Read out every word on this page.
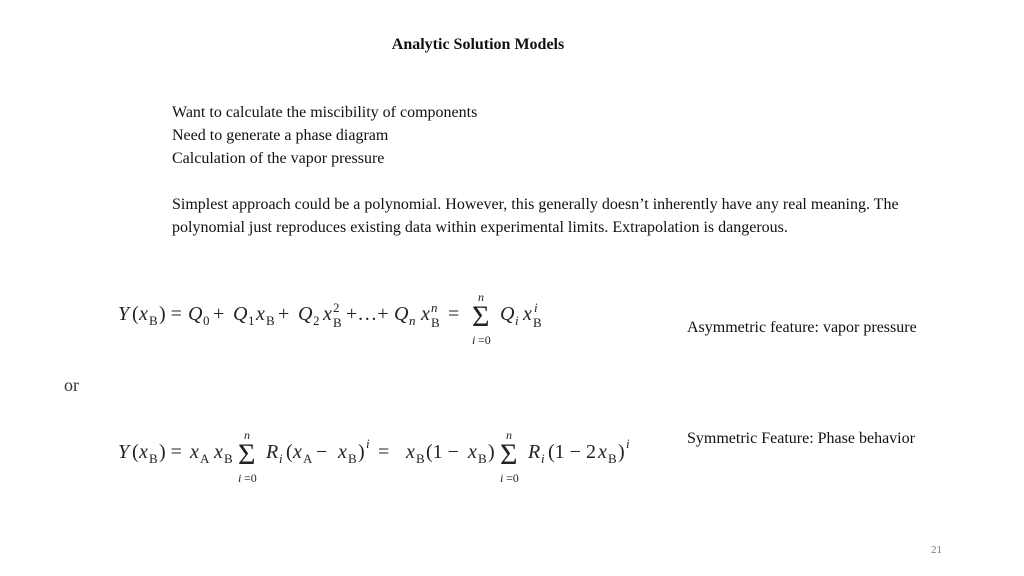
Analytic Solution Models
Want to calculate the miscibility of components
Need to generate a phase diagram
Calculation of the vapor pressure
Simplest approach could be a polynomial. However, this generally doesn’t inherently have any real meaning. The polynomial just reproduces existing data within experimental limits. Extrapolation is dangerous.
Y ( x B ) = Q 0 + Q 1 x B + Q 2 x 2
B +…+ Q n x n
B =
n
Σ
i =0
Q i x i
B	Asymmetric feature: vapor pressure
or
Y ( x B ) = x A x B
n
Σ
i =0
R i ( x A − x B ) i = x B (1 − x B )
n
Σ
i =0
R i (1 − 2 x B ) i	Symmetric Feature: Phase behavior
21
